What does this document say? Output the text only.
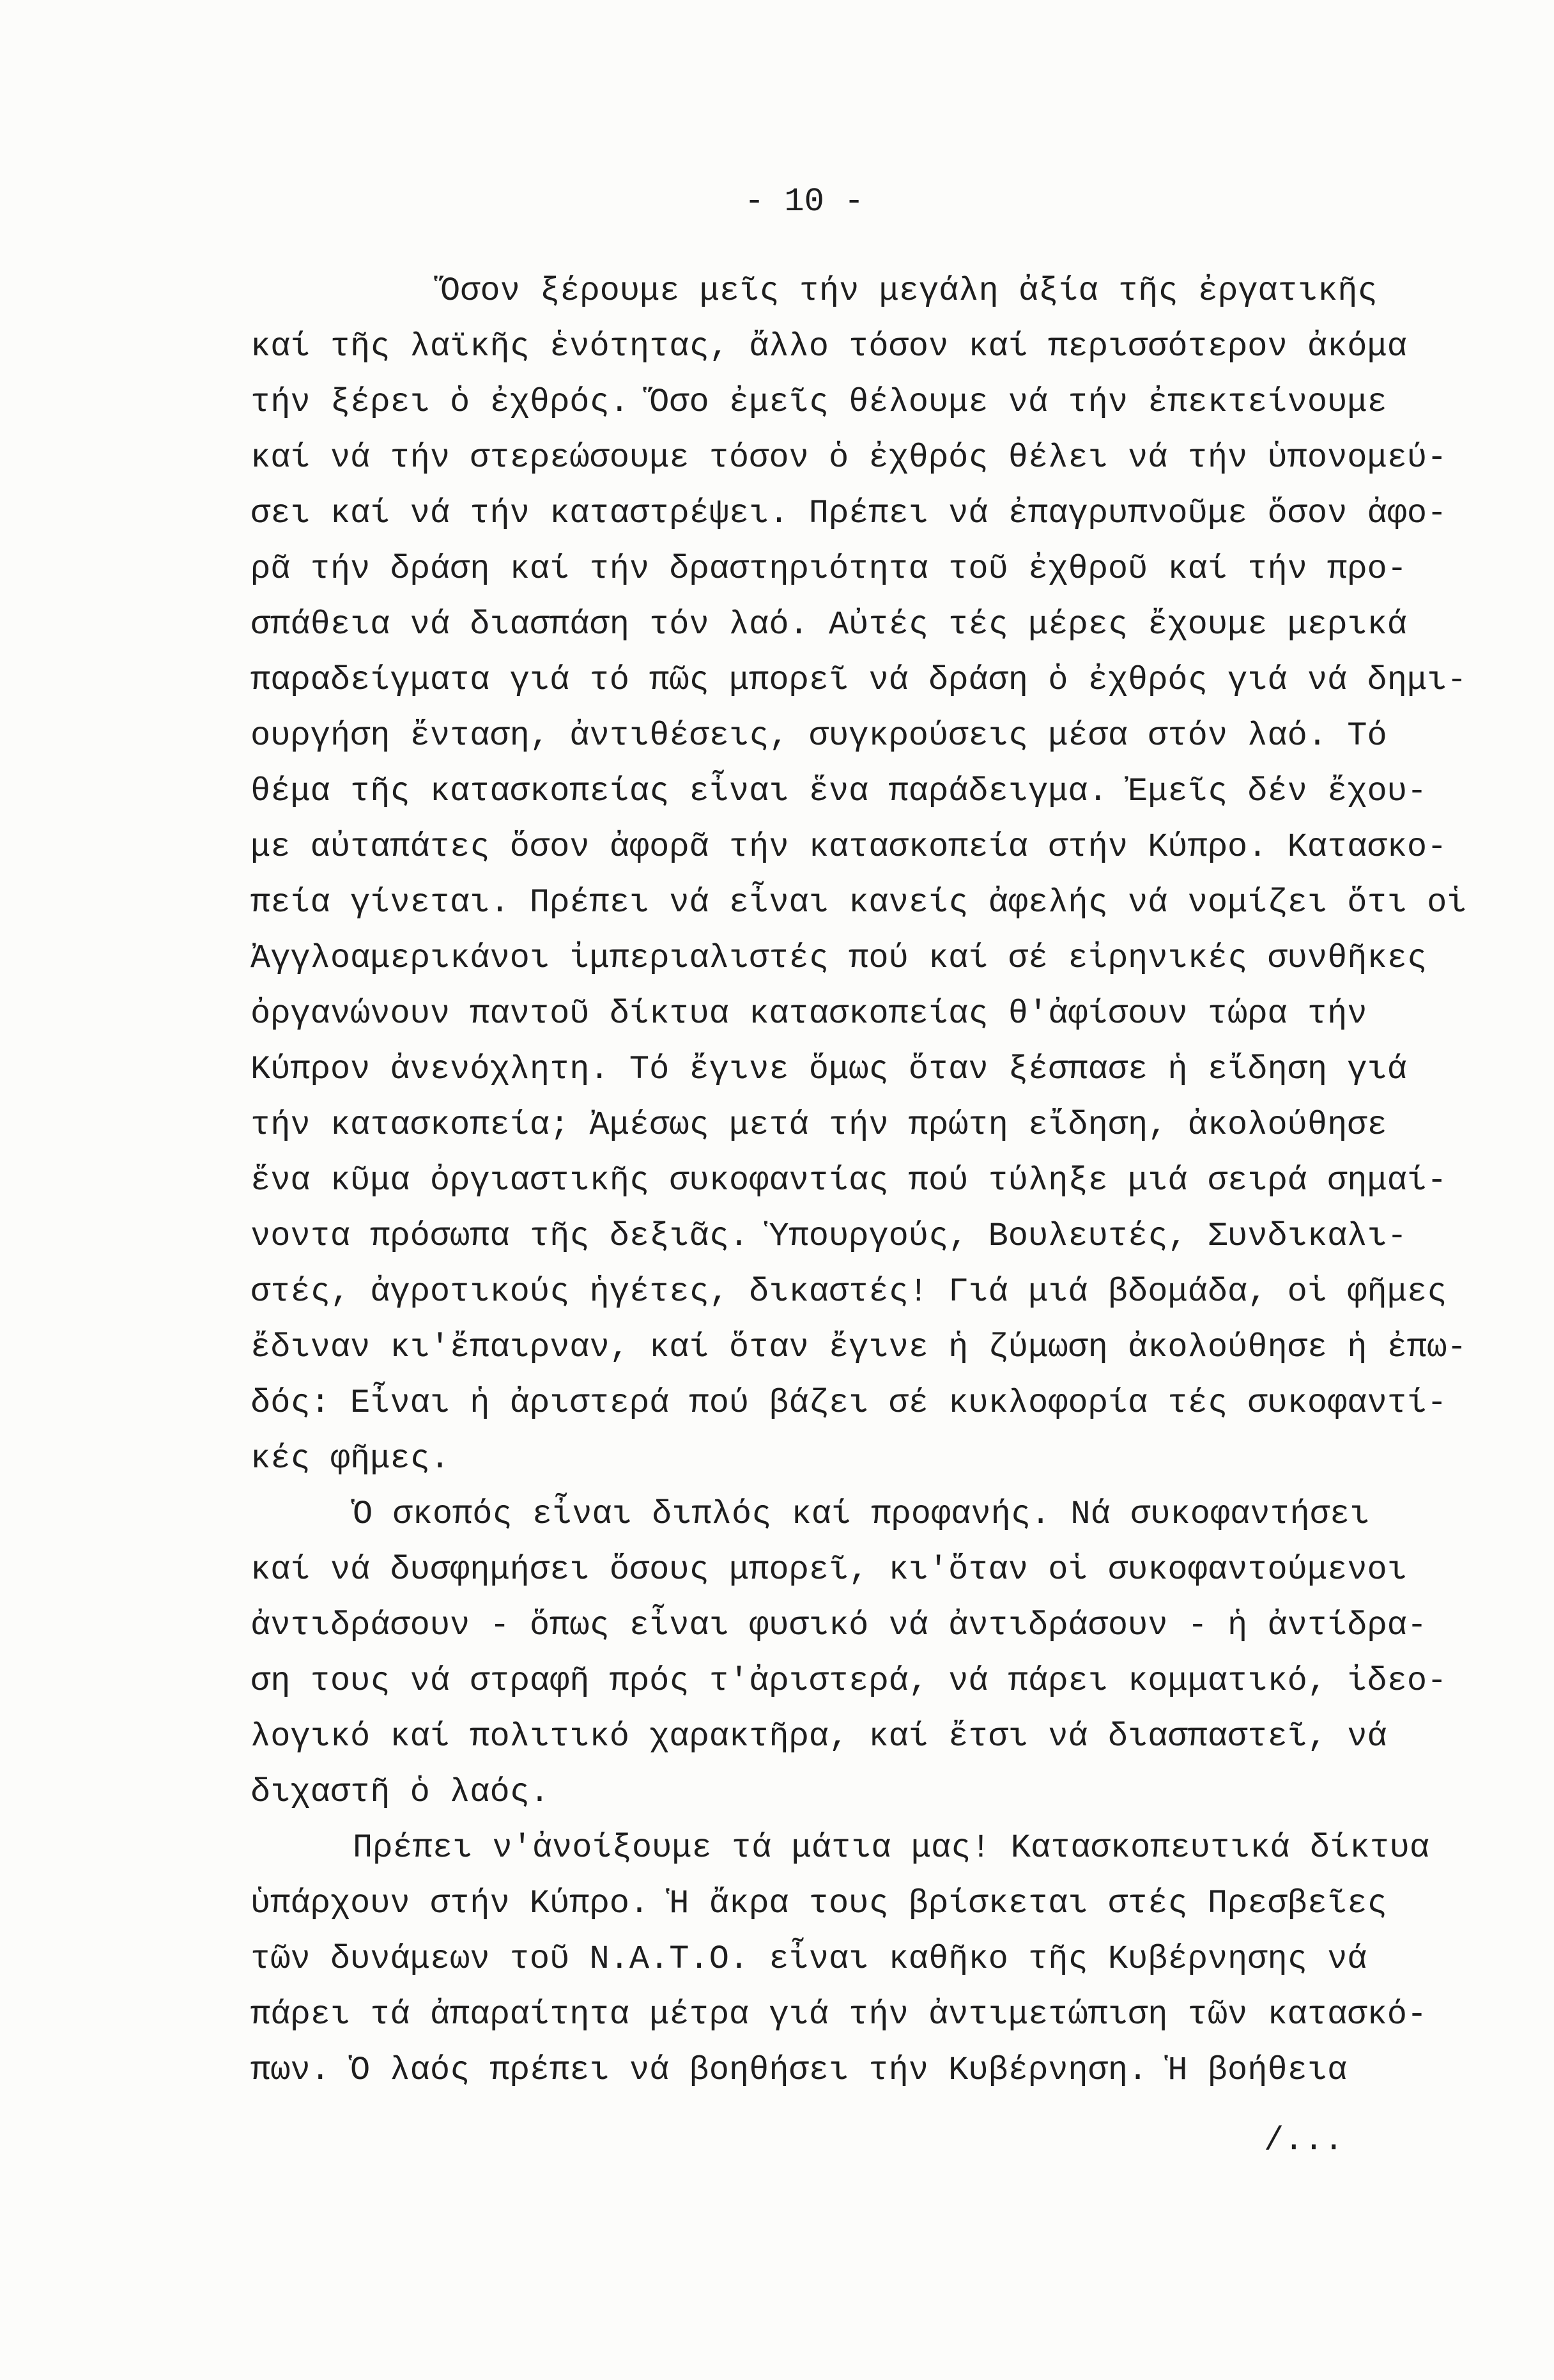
- 10 -
Ὅσον ξέρουμε μεῖς τήν μεγάλη ἀξία τῆς ἐργατικῆς
καί τῆς λαϊκῆς ἑνότητας, ἄλλο τόσον καί περισσότερον ἀκόμα
τήν ξέρει ὁ ἐχθρός. Ὅσο ἐμεῖς θέλουμε νά τήν ἐπεκτείνουμε
καί νά τήν στερεώσουμε τόσον ὁ ἐχθρός θέλει νά τήν ὑπονομεύ-
σει καί νά τήν καταστρέψει. Πρέπει νά ἐπαγρυπνοῦμε ὅσον ἀφο-
ρᾶ τήν δράση καί τήν δραστηριότητα τοῦ ἐχθροῦ καί τήν προ-
σπάθεια νά διασπάση τόν λαό. Αὐτές τές μέρες ἔχουμε μερικά
παραδείγματα γιά τό πῶς μπορεῖ νά δράση ὁ ἐχθρός γιά νά δημι-
ουργήση ἔνταση, ἀντιθέσεις, συγκρούσεις μέσα στόν λαό. Τό
θέμα τῆς κατασκοπείας εἶναι ἕνα παράδειγμα. Ἐμεῖς δέν ἔχου-
με αὐταπάτες ὅσον ἀφορᾶ τήν κατασκοπεία στήν Κύπρο. Κατασκο-
πεία γίνεται. Πρέπει νά εἶναι κανείς ἀφελής νά νομίζει ὅτι οἱ
Ἀγγλοαμερικάνοι ἰμπεριαλιστές πού καί σέ εἰρηνικές συνθῆκες
ὀργανώνουν παντοῦ δίκτυα κατασκοπείας θ'ἀφίσουν τώρα τήν
Κύπρον ἀνενόχλητη. Τό ἔγινε ὅμως ὅταν ξέσπασε ἡ εἴδηση γιά
τήν κατασκοπεία; Ἀμέσως μετά τήν πρώτη εἴδηση, ἀκολούθησε
ἕνα κῦμα ὀργιαστικῆς συκοφαντίας πού τύληξε μιά σειρά σημαί-
νοντα πρόσωπα τῆς δεξιᾶς. Ὑπουργούς, Βουλευτές, Συνδικαλι-
στές, ἀγροτικούς ἡγέτες, δικαστές! Γιά μιά βδομάδα, οἱ φῆμες
ἔδιναν κι'ἔπαιρναν, καί ὅταν ἔγινε ἡ ζύμωση ἀκολούθησε ἡ ἐπω-
δός: Εἶναι ἡ ἀριστερά πού βάζει σέ κυκλοφορία τές συκοφαντί-
κές φῆμες.
Ὁ σκοπός εἶναι διπλός καί προφανής. Νά συκοφαντήσει
καί νά δυσφημήσει ὅσους μπορεῖ, κι'ὅταν οἱ συκοφαντούμενοι
ἀντιδράσουν - ὅπως εἶναι φυσικό νά ἀντιδράσουν - ἡ ἀντίδρα-
ση τους νά στραφῆ πρός τ'ἀριστερά, νά πάρει κομματικό, ἰδεο-
λογικό καί πολιτικό χαρακτῆρα, καί ἔτσι νά διασπαστεῖ, νά
διχαστῆ ὁ λαός.
Πρέπει ν'ἀνοίξουμε τά μάτια μας! Κατασκοπευτικά δίκτυα
ὑπάρχουν στήν Κύπρο. Ἡ ἄκρα τους βρίσκεται στές Πρεσβεῖες
τῶν δυνάμεων τοῦ Ν.Α.Τ.Ο. εἶναι καθῆκο τῆς Κυβέρνησης νά
πάρει τά ἀπαραίτητα μέτρα γιά τήν ἀντιμετώπιση τῶν κατασκό-
πων. Ὁ λαός πρέπει νά βοηθήσει τήν Κυβέρνηση. Ἡ βοήθεια
/...
